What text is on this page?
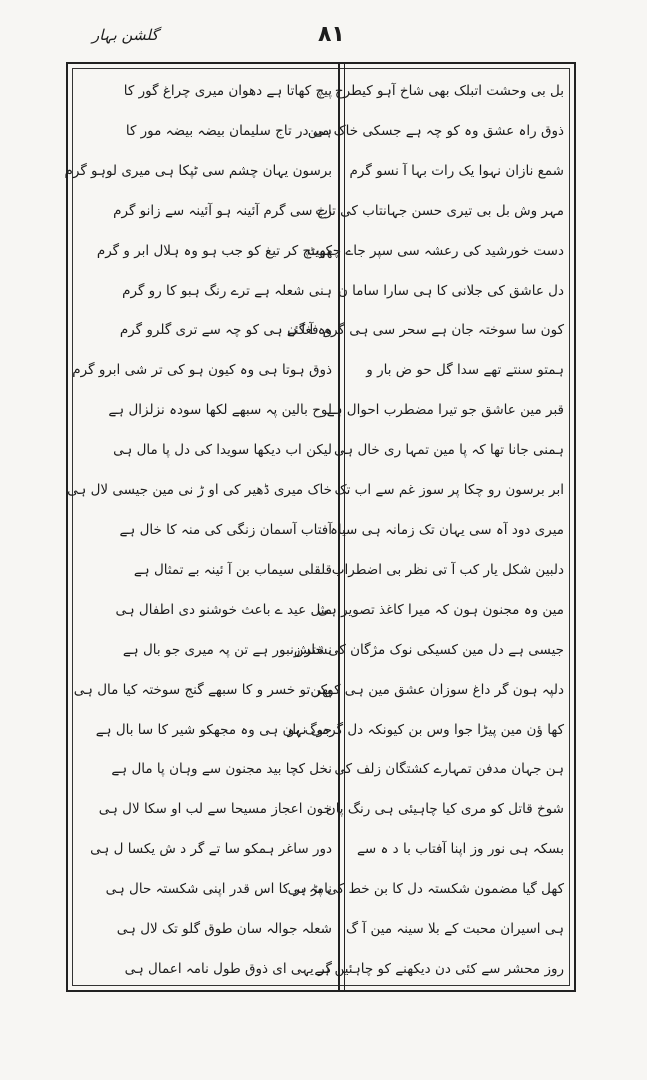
گلشن بہار	۸۱
بل بی وحشت اتبلک بھی شاخ آہو کیطرح
ذوق راہ عشق وہ کو چہ ہے جسکی خاک مین
شمع نازان نہوا یک رات بہا آ نسو گرم
مہر وش بل بی تیری حسن جہانتاب کی تاب
دست خورشید کی رعشہ سی سپر جاے چھوٹ
دل عاشق کی جلانی کا ہی سارا ساما ن
کون سا سوختہ جان ہے سحر سی ہی گرم فغا ن
ہمتو سنتے تھے سدا گل حو ض بار و
قبر مین عاشق جو تیرا مضطرب احوال ہے
ہمنی جانا تھا کہ پا مین تمہا ری خال ہی
ابر برسون رو چکا پر سوز غم سے اب تک
میری دود آہ سی یہان تک زمانہ ہی سیاہ
دلبین شکل یار کب آ تی نظر بی اضطراب
مین وہ مجنون ہون کہ میرا کاغذ تصویر ہی
جیسی ہے دل مین کسیکی نوک مژگان کی خلش
دلپہ ہون گر داغ سوزان عشق مین ہی کوکن
کھا ؤن مین پیڑا جوا وس بن کیونکہ دل گرمی نہو
ہن جہان مدفن تمہارے کشتگان زلف کی
شوخ قاتل کو مری کیا چاہیئی ہی رنگ پان
بسکہ ہی نور وز اپنا آفتاب با د ہ سے
کھل گیا مضمون شکستہ دل کا بن خط کی پڑ ہی
ہی اسیران محبت کے بلا سینہ مین آ گ
روز محشر سے کئی دن دیکھنے کو چاہئین ہے
پیچ کھاتا ہے دھوان میری چراغ گور کا
ہی در تاج سلیمان بیضہ بیضہ مور کا
برسون یہان چشم سی ٹپکا ہی میری لوہو گرم
رخ سی گرم آئینہ ہو آئینہ سے زانو گرم
کھینچ کر تیغ کو جب ہو وہ ہلال ابر و گرم
ہنی شعلہ ہے ترے رنگ ہبو کا رو گرم
وہ آ گئے ہی کو چہ سے تری گلرو گرم
ذوق ہوتا ہی وہ کیون ہو کی تر شی ابرو گرم
لوح بالین پہ سبھے لکھا سودہ نزلزال ہے
لیکن اب دیکھا سویدا کی دل پا مال ہی
خاک میری ڈھیر کی او ڑ نی مین جیسی لال ہی
آفتاب آسمان زنگی کی منہ کا خال ہے
قلقلی سیماب بن آ ئینہ بے تمثال ہے
مثل عید ے باعث خوشنو دی اطفال ہی
نشتر زنبور ہے تن پہ میری جو بال ہے
پھر تو خسر و کا سبھے گنج سوختہ کیا مال ہی
جوگ پان ہی وہ مجھکو شیر کا سا بال ہے
نخل کچا بید مجنون سے وہان پا مال ہے
خون اعجاز مسیحا سے لب او سکا لال ہی
دور ساغر ہمکو سا تے گر د ش یکسا ل ہی
نامہ بر کا اس قدر اپنی شکستہ حال ہی
شعلہ جوالہ سان طوق گلو تک لال ہی
گر یہی ای ذوق طول نامہ اعمال ہی
